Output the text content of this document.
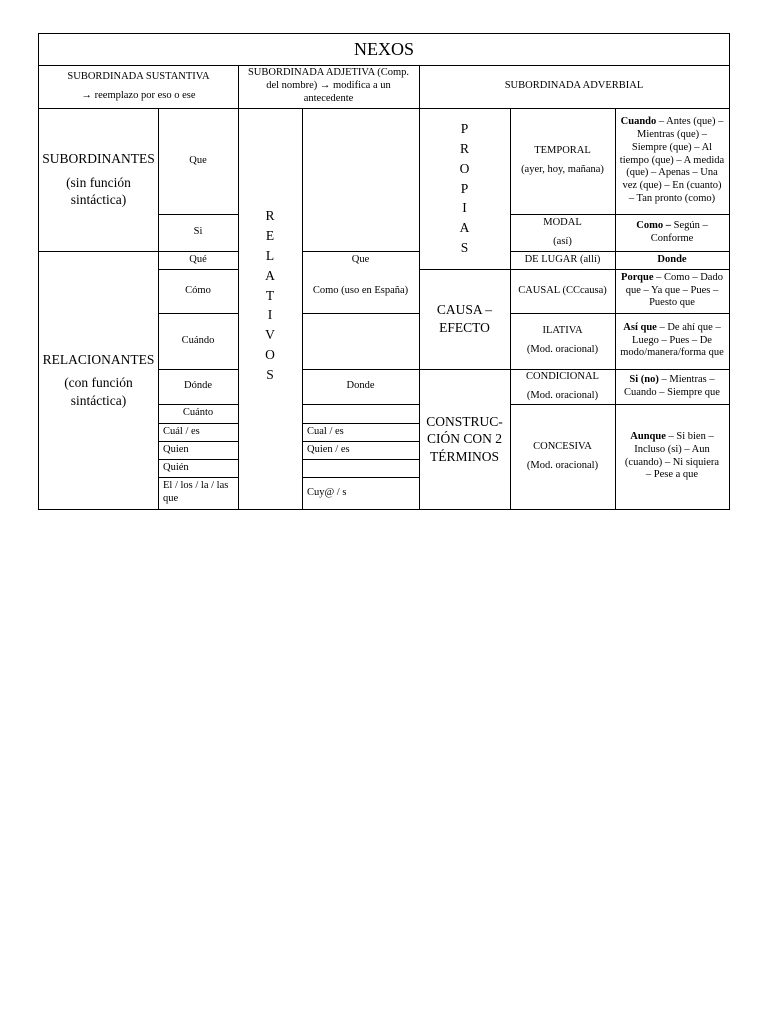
NEXOS

SUBORDINADA SUSTANTIVA

→ reemplazo por eso o ese

SUBORDINADA ADJETIVA (Comp. del nombre) → modifica a un antecedente

SUBORDINADA ADVERBIAL

SUBORDINANTES

(sin función sintáctica)

RELACIONANTES

(con función sintáctica)

Que
Si
Qué
Cómo
Cuándo
Dónde
Cuánto
Cuál / es
Quien
Quién
El / los / la / las que
R
E
L
A
T
I
V
O
S
Que
Como (uso en España)
Donde
Cual / es
Quien / es
Cuy@ / s
P
R
O
P
I
A
S
CAUSA – EFECTO
CONSTRUC-CIÓN CON 2 TÉRMINOS

TEMPORAL

(ayer, hoy, mañana)

MODAL

(así)

DE LUGAR (allí)

CAUSAL (CCcausa)

ILATIVA

(Mod. oracional)

CONDICIONAL

(Mod. oracional)

CONCESIVA

(Mod. oracional)

Cuando – Antes (que) – Mientras (que) – Siempre (que) – Al tiempo (que) – A medida (que) – Apenas – Una vez (que) – En (cuanto) – Tan pronto (como)

Como – Según – Conforme

Donde

Porque – Como – Dado que – Ya que – Pues – Puesto que

Así que – De ahí que – Luego – Pues – De modo/manera/forma que

Si (no) – Mientras – Cuando – Siempre que

Aunque – Si bien – Incluso (si) – Aun (cuando) – Ni siquiera – Pese a que
